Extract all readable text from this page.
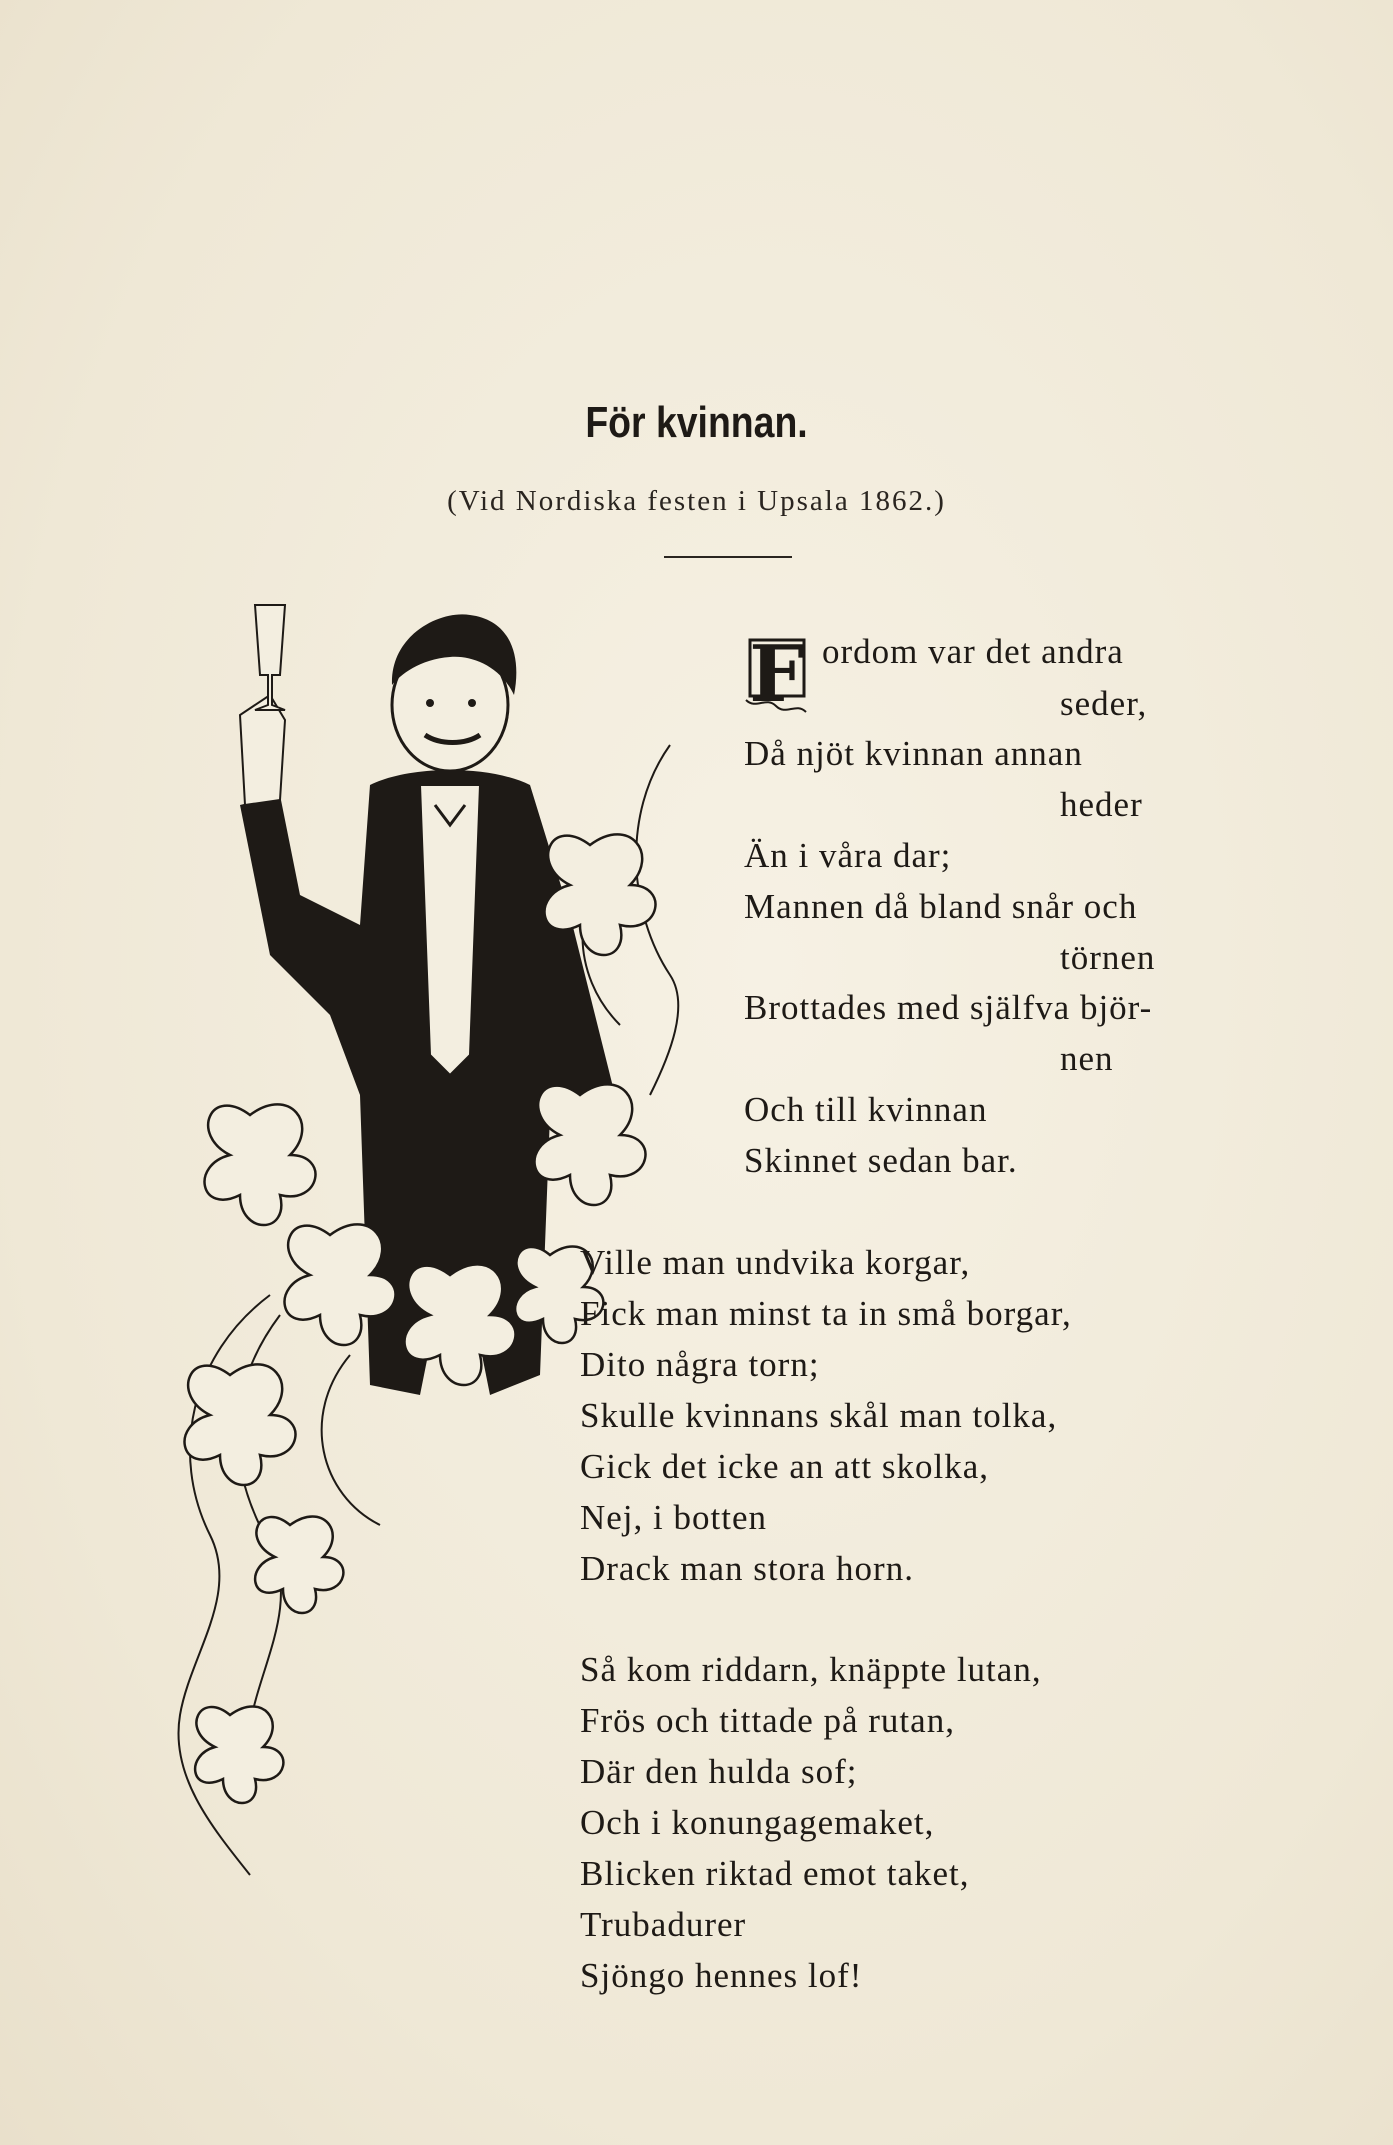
För kvinnan.
(Vid Nordiska festen i Upsala 1862.)
F ordom var det andra
seder,
Då njöt kvinnan annan
heder
Än i våra dar;
Mannen då bland snår och
törnen
Brottades med själfva björ-
nen
Och till kvinnan
Skinnet sedan bar.
Ville man undvika korgar,
Fick man minst ta in små borgar,
Dito några torn;
Skulle kvinnans skål man tolka,
Gick det icke an att skolka,
Nej, i botten
Drack man stora horn.
Så kom riddarn, knäppte lutan,
Frös och tittade på rutan,
Där den hulda sof;
Och i konungagemaket,
Blicken riktad emot taket,
Trubadurer
Sjöngo hennes lof!
